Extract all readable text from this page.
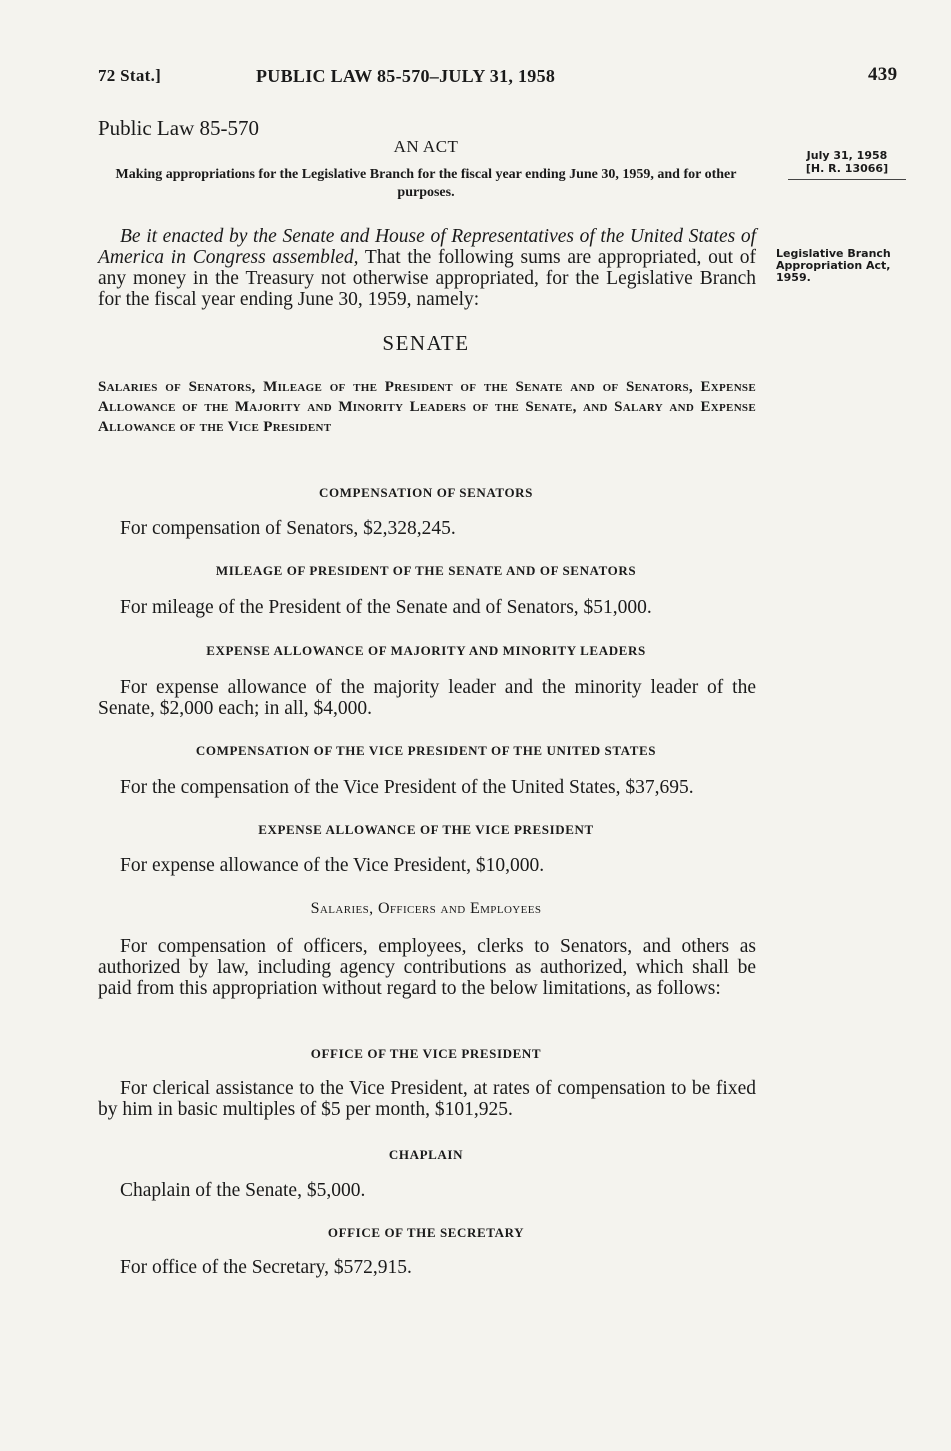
72 Stat.]	PUBLIC LAW 85-570–JULY 31, 1958	439
Public Law 85-570
AN ACT
Making appropriations for the Legislative Branch for the fiscal year ending June 30, 1959, and for other purposes.
July 31, 1958
[H. R. 13066]
Legislative Branch Appropriation Act, 1959.
Be it enacted by the Senate and House of Representatives of the United States of America in Congress assembled, That the following sums are appropriated, out of any money in the Treasury not otherwise appropriated, for the Legislative Branch for the fiscal year ending June 30, 1959, namely:
SENATE
Salaries of Senators, Mileage of the President of the Senate and of Senators, Expense Allowance of the Majority and Minority Leaders of the Senate, and Salary and Expense Allowance of the Vice President
COMPENSATION OF SENATORS
For compensation of Senators, $2,328,245.
MILEAGE OF PRESIDENT OF THE SENATE AND OF SENATORS
For mileage of the President of the Senate and of Senators, $51,000.
EXPENSE ALLOWANCE OF MAJORITY AND MINORITY LEADERS
For expense allowance of the majority leader and the minority leader of the Senate, $2,000 each; in all, $4,000.
COMPENSATION OF THE VICE PRESIDENT OF THE UNITED STATES
For the compensation of the Vice President of the United States, $37,695.
EXPENSE ALLOWANCE OF THE VICE PRESIDENT
For expense allowance of the Vice President, $10,000.
Salaries, Officers and Employees
For compensation of officers, employees, clerks to Senators, and others as authorized by law, including agency contributions as authorized, which shall be paid from this appropriation without regard to the below limitations, as follows:
OFFICE OF THE VICE PRESIDENT
For clerical assistance to the Vice President, at rates of compensation to be fixed by him in basic multiples of $5 per month, $101,925.
CHAPLAIN
Chaplain of the Senate, $5,000.
OFFICE OF THE SECRETARY
For office of the Secretary, $572,915.
